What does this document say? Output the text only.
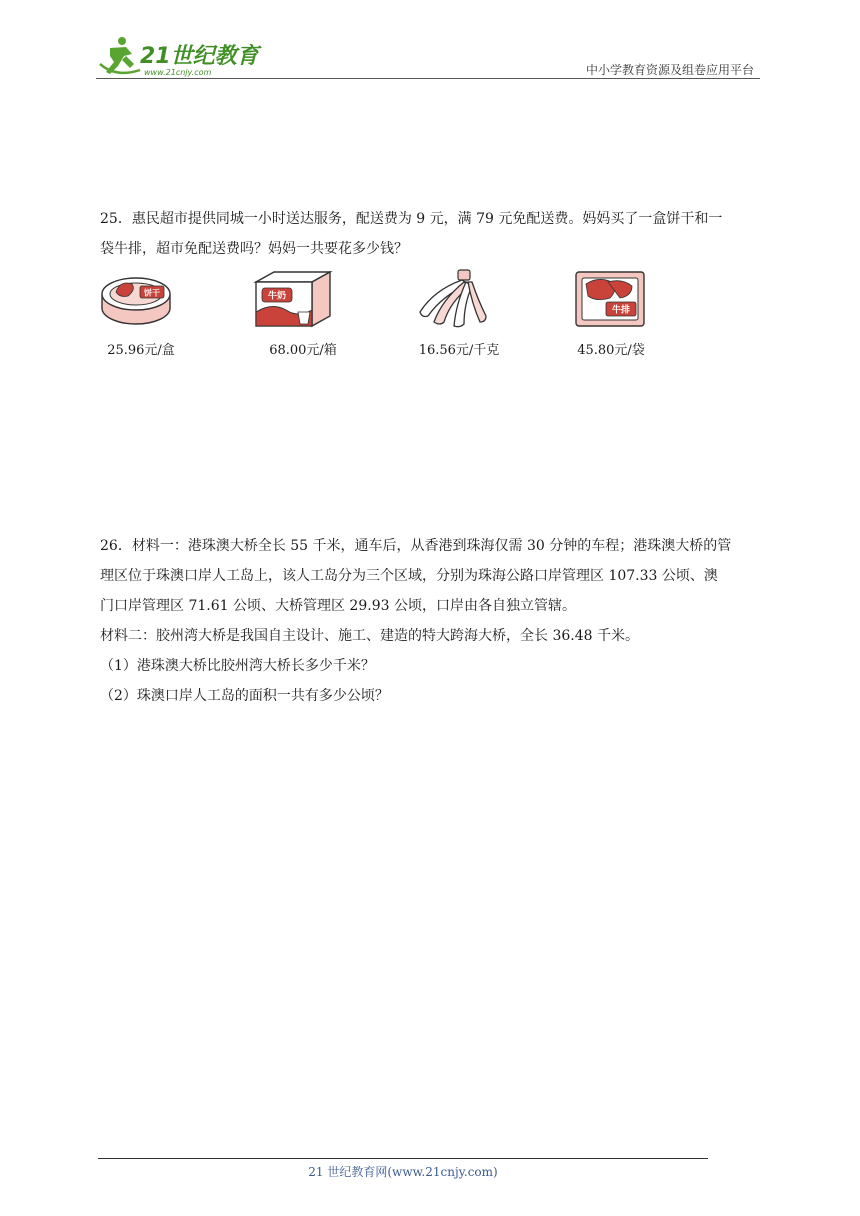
21世纪教育
www.21cnjy.com	中小学教育资源及组卷应用平台

25．惠民超市提供同城一小时送达服务，配送费为 9 元，满 79 元免配送费。妈妈买了一盒饼干和一

袋牛排，超市免配送费吗？妈妈一共要花多少钱？

饼干
25.96元/盒
牛奶
68.00元/箱	16.56元/千克
牛排
45.80元/袋

26．材料一：港珠澳大桥全长 55 千米，通车后，从香港到珠海仅需 30 分钟的车程；港珠澳大桥的管

理区位于珠澳口岸人工岛上，该人工岛分为三个区域，分别为珠海公路口岸管理区 107.33 公顷、澳

门口岸管理区 71.61 公顷、大桥管理区 29.93 公顷，口岸由各自独立管辖。

材料二：胶州湾大桥是我国自主设计、施工、建造的特大跨海大桥，全长 36.48 千米。

（1）港珠澳大桥比胶州湾大桥长多少千米？

（2）珠澳口岸人工岛的面积一共有多少公顷？

21 世纪教育网(www.21cnjy.com)
